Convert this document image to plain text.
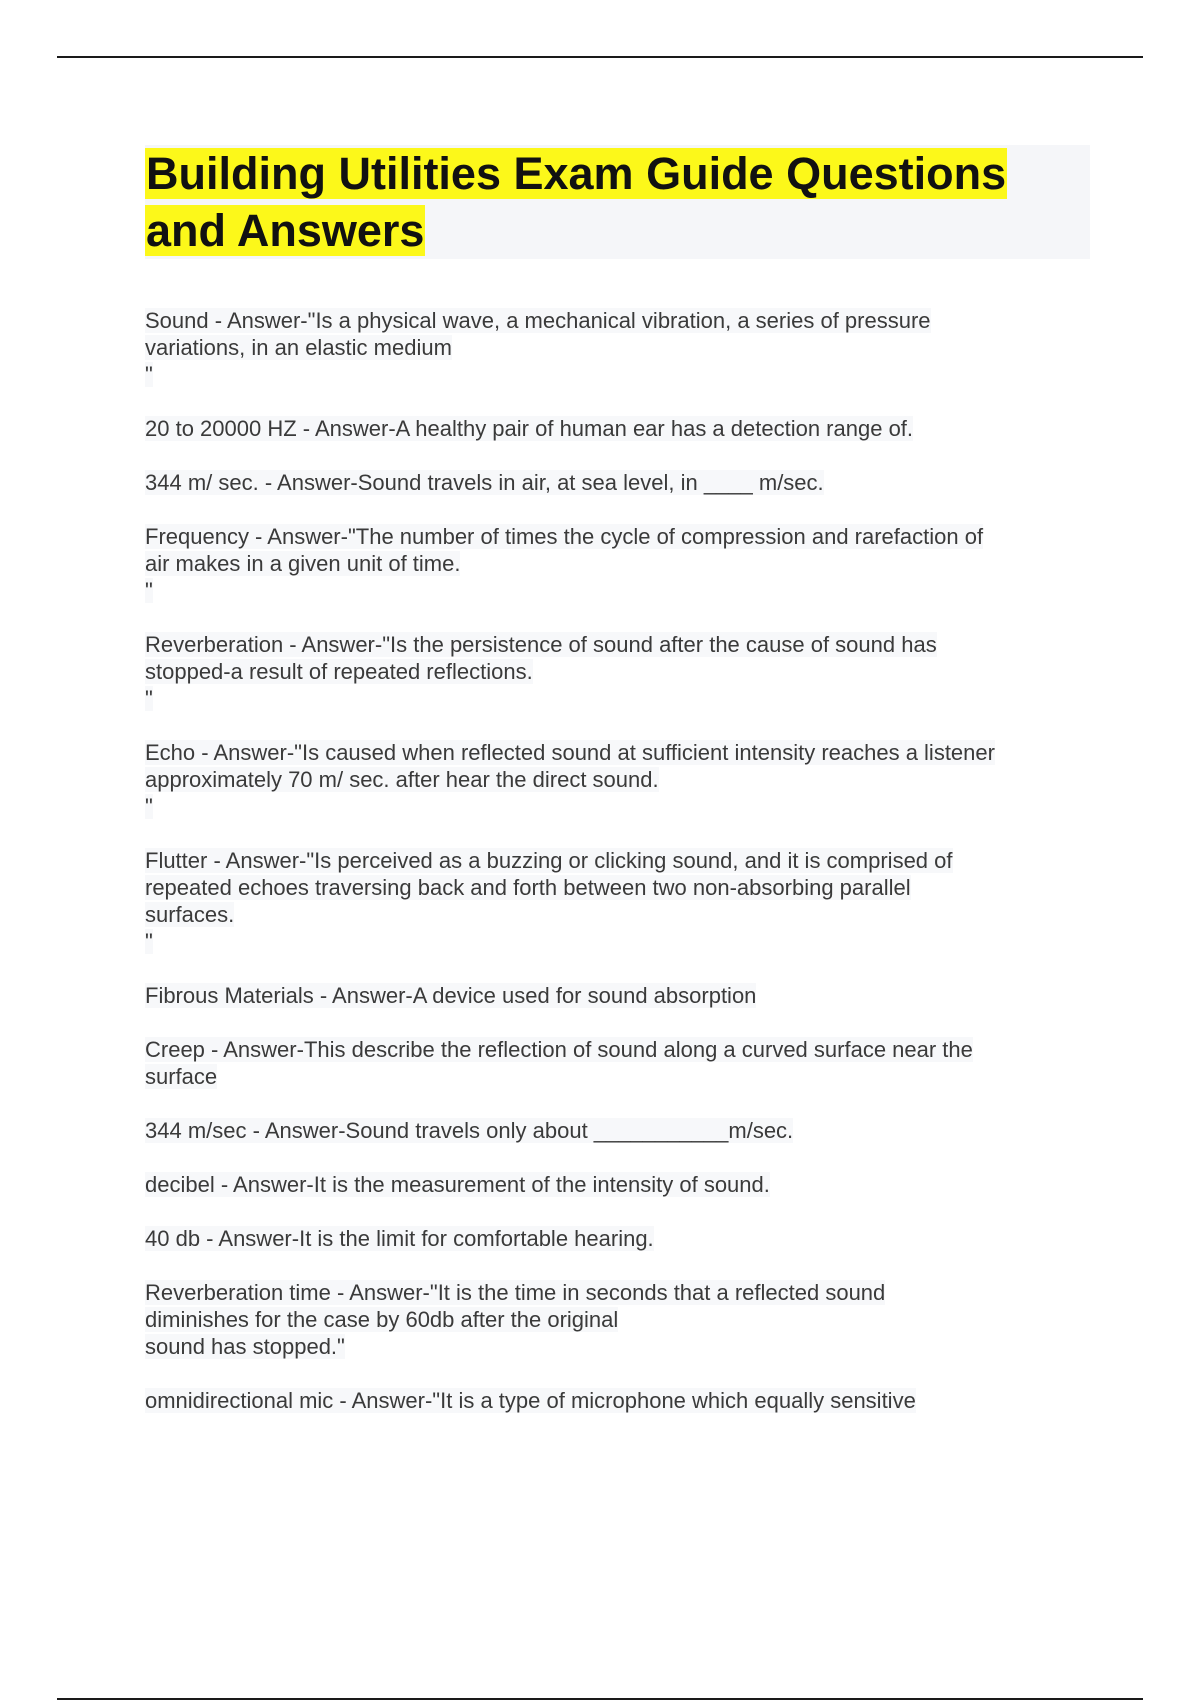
Building Utilities Exam Guide Questions and Answers

Sound - Answer-"Is a physical wave, a mechanical vibration, a series of pressure
variations, in an elastic medium
"

20 to 20000 HZ - Answer-A healthy pair of human ear has a detection range of.

344 m/ sec. - Answer-Sound travels in air, at sea level, in ____ m/sec.

Frequency - Answer-"The number of times the cycle of compression and rarefaction of
air makes in a given unit of time.
"

Reverberation - Answer-"Is the persistence of sound after the cause of sound has
stopped-a result of repeated reflections.
"

Echo - Answer-"Is caused when reflected sound at sufficient intensity reaches a listener
approximately 70 m/ sec. after hear the direct sound.
"

Flutter - Answer-"Is perceived as a buzzing or clicking sound, and it is comprised of
repeated echoes traversing back and forth between two non-absorbing parallel
surfaces.
"

Fibrous Materials - Answer-A device used for sound absorption

Creep - Answer-This describe the reflection of sound along a curved surface near the
surface

344 m/sec - Answer-Sound travels only about ___________m/sec.

decibel - Answer-It is the measurement of the intensity of sound.

40 db - Answer-It is the limit for comfortable hearing.

Reverberation time - Answer-"It is the time in seconds that a reflected sound
diminishes for the case by 60db after the original
sound has stopped."

omnidirectional mic - Answer-"It is a type of microphone which equally sensitive
